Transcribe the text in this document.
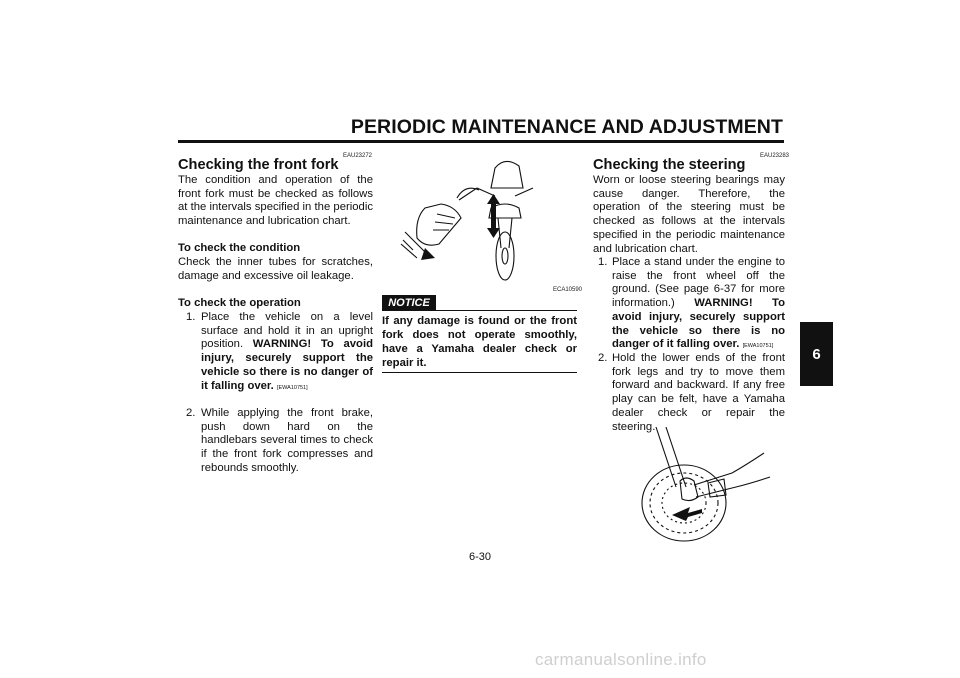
PERIODIC MAINTENANCE AND ADJUSTMENT
6
EAU23272
Checking the front fork
The condition and operation of the front fork must be checked as follows at the intervals specified in the periodic maintenance and lubrication chart.
To check the condition
Check the inner tubes for scratches, damage and excessive oil leakage.
To check the operation
1. Place the vehicle on a level surface and hold it in an upright position. WARNING! To avoid injury, securely support the vehicle so there is no danger of it falling over. [EWA10751]
2. While applying the front brake, push down hard on the handlebars several times to check if the front fork compresses and rebounds smoothly.
ECA10590
NOTICE
If any damage is found or the front fork does not operate smoothly, have a Yamaha dealer check or repair it.
EAU23283
Checking the steering
Worn or loose steering bearings may cause danger. Therefore, the operation of the steering must be checked as follows at the intervals specified in the periodic maintenance and lubrication chart.
1. Place a stand under the engine to raise the front wheel off the ground. (See page 6-37 for more information.) WARNING! To avoid injury, securely support the vehicle so there is no danger of it falling over. [EWA10751]
2. Hold the lower ends of the front fork legs and try to move them forward and backward. If any free play can be felt, have a Yamaha dealer check or repair the steering.
6-30
carmanualsonline.info
